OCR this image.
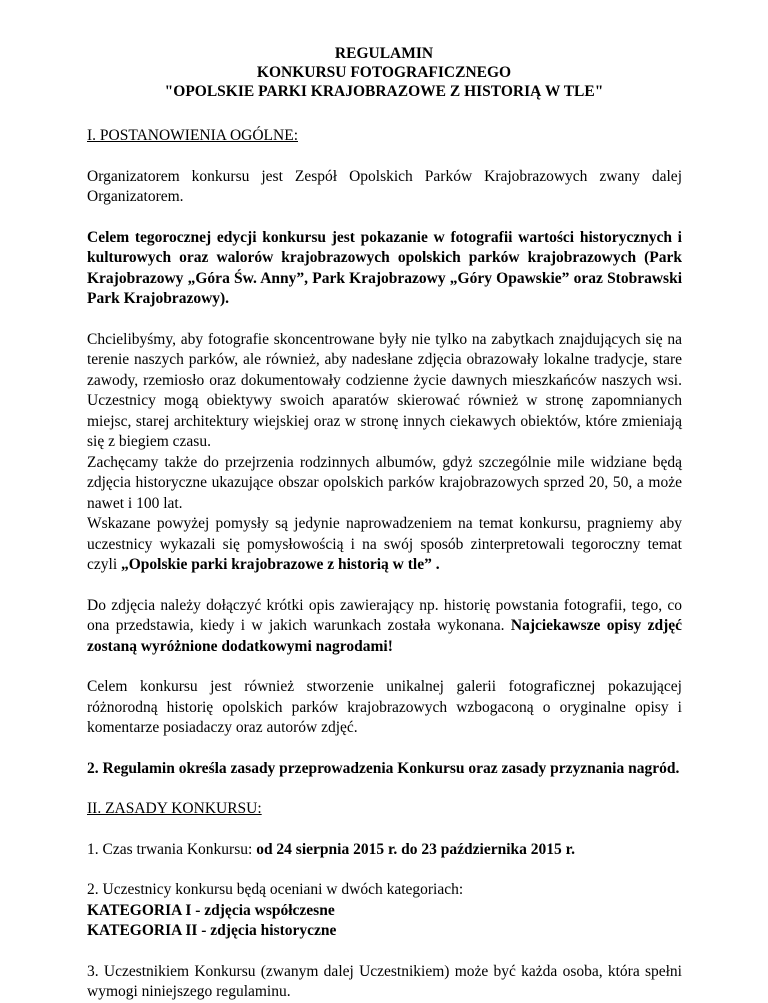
REGULAMIN
KONKURSU FOTOGRAFICZNEGO
"OPOLSKIE PARKI KRAJOBRAZOWE Z HISTORIĄ W TLE"

I. POSTANOWIENIA OGÓLNE:

Organizatorem konkursu jest Zespół Opolskich Parków Krajobrazowych zwany dalej Organizatorem.

Celem tegorocznej edycji konkursu jest pokazanie w fotografii wartości historycznych i kulturowych oraz walorów krajobrazowych opolskich parków krajobrazowych (Park Krajobrazowy „Góra Św. Anny”, Park Krajobrazowy „Góry Opawskie” oraz Stobrawski Park Krajobrazowy).

Chcielibyśmy, aby fotografie skoncentrowane były nie tylko na zabytkach znajdujących się na terenie naszych parków, ale również, aby nadesłane zdjęcia obrazowały lokalne tradycje, stare zawody, rzemiosło oraz dokumentowały codzienne życie dawnych mieszkańców naszych wsi. Uczestnicy mogą obiektywy swoich aparatów skierować również w stronę zapomnianych miejsc, starej architektury wiejskiej oraz w stronę innych ciekawych obiektów, które zmieniają się z biegiem czasu.

Zachęcamy także do przejrzenia rodzinnych albumów, gdyż szczególnie mile widziane będą zdjęcia historyczne ukazujące obszar opolskich parków krajobrazowych sprzed 20, 50, a może nawet i 100 lat.

Wskazane powyżej pomysły są jedynie naprowadzeniem na temat konkursu, pragniemy aby uczestnicy wykazali się pomysłowością i na swój sposób zinterpretowali tegoroczny temat czyli „Opolskie parki krajobrazowe z historią w tle” .

Do zdjęcia należy dołączyć krótki opis zawierający np. historię powstania fotografii, tego, co ona przedstawia, kiedy i w jakich warunkach została wykonana. Najciekawsze opisy zdjęć zostaną wyróżnione dodatkowymi nagrodami!

Celem konkursu jest również stworzenie unikalnej galerii fotograficznej pokazującej różnorodną historię opolskich parków krajobrazowych wzbogaconą o oryginalne opisy i komentarze posiadaczy oraz autorów zdjęć.

2. Regulamin określa zasady przeprowadzenia Konkursu oraz zasady przyznania nagród.

II. ZASADY KONKURSU:

1. Czas trwania Konkursu: od 24 sierpnia 2015 r. do 23 października 2015 r.

2. Uczestnicy konkursu będą oceniani w dwóch kategoriach:

KATEGORIA I - zdjęcia współczesne

KATEGORIA II - zdjęcia historyczne

3. Uczestnikiem Konkursu (zwanym dalej Uczestnikiem) może być każda osoba, która spełni wymogi niniejszego regulaminu.
